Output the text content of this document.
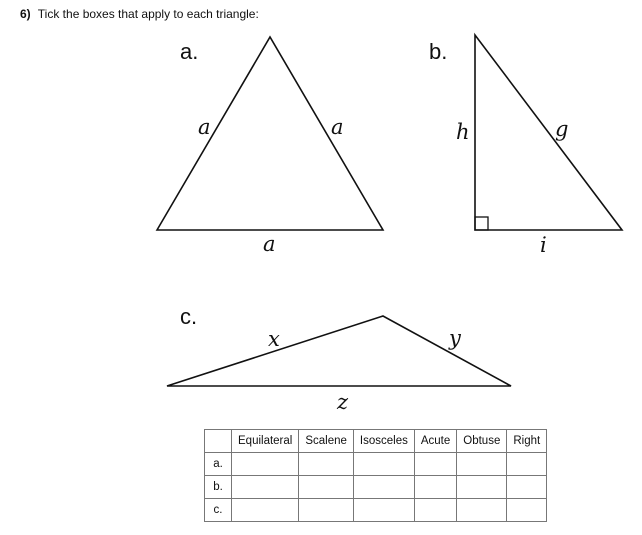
6) Tick the boxes that apply to each triangle:
a.
a	a
a
b.
h	g
i
c.
x	y
z
	Equilateral	Scalene	Isosceles	Acute	Obtuse	Right
a.						
b.						
c.						
